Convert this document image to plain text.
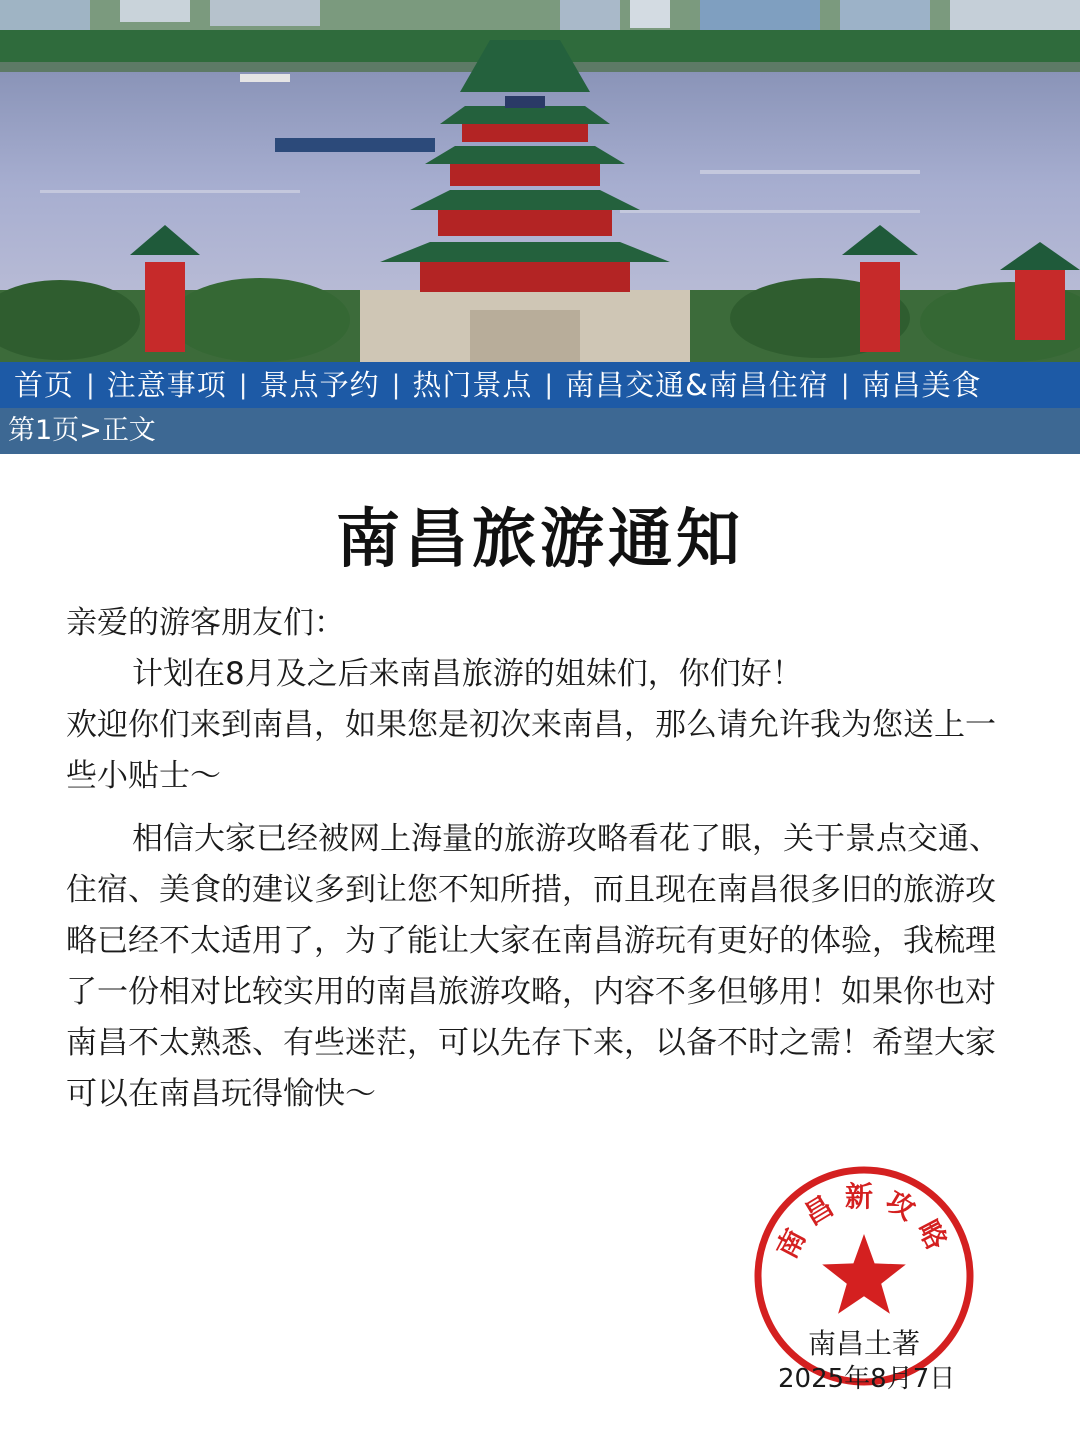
首页 | 注意事项 | 景点予约 | 热门景点 | 南昌交通&南昌住宿 | 南昌美食
第1页>正文
南昌旅游通知

亲爱的游客朋友们：

计划在8月及之后来南昌旅游的姐妹们，你们好！

欢迎你们来到南昌，如果您是初次来南昌，那么请允许我为您送上一些小贴士～

相信大家已经被网上海量的旅游攻略看花了眼，关于景点交通、住宿、美食的建议多到让您不知所措，而且现在南昌很多旧的旅游攻略已经不太适用了，为了能让大家在南昌游玩有更好的体验，我梳理了一份相对比较实用的南昌旅游攻略，内容不多但够用！如果你也对南昌不太熟悉、有些迷茫，可以先存下来，以备不时之需！希望大家可以在南昌玩得愉快～

南昌新攻略
南昌土著
2025年8月7日
